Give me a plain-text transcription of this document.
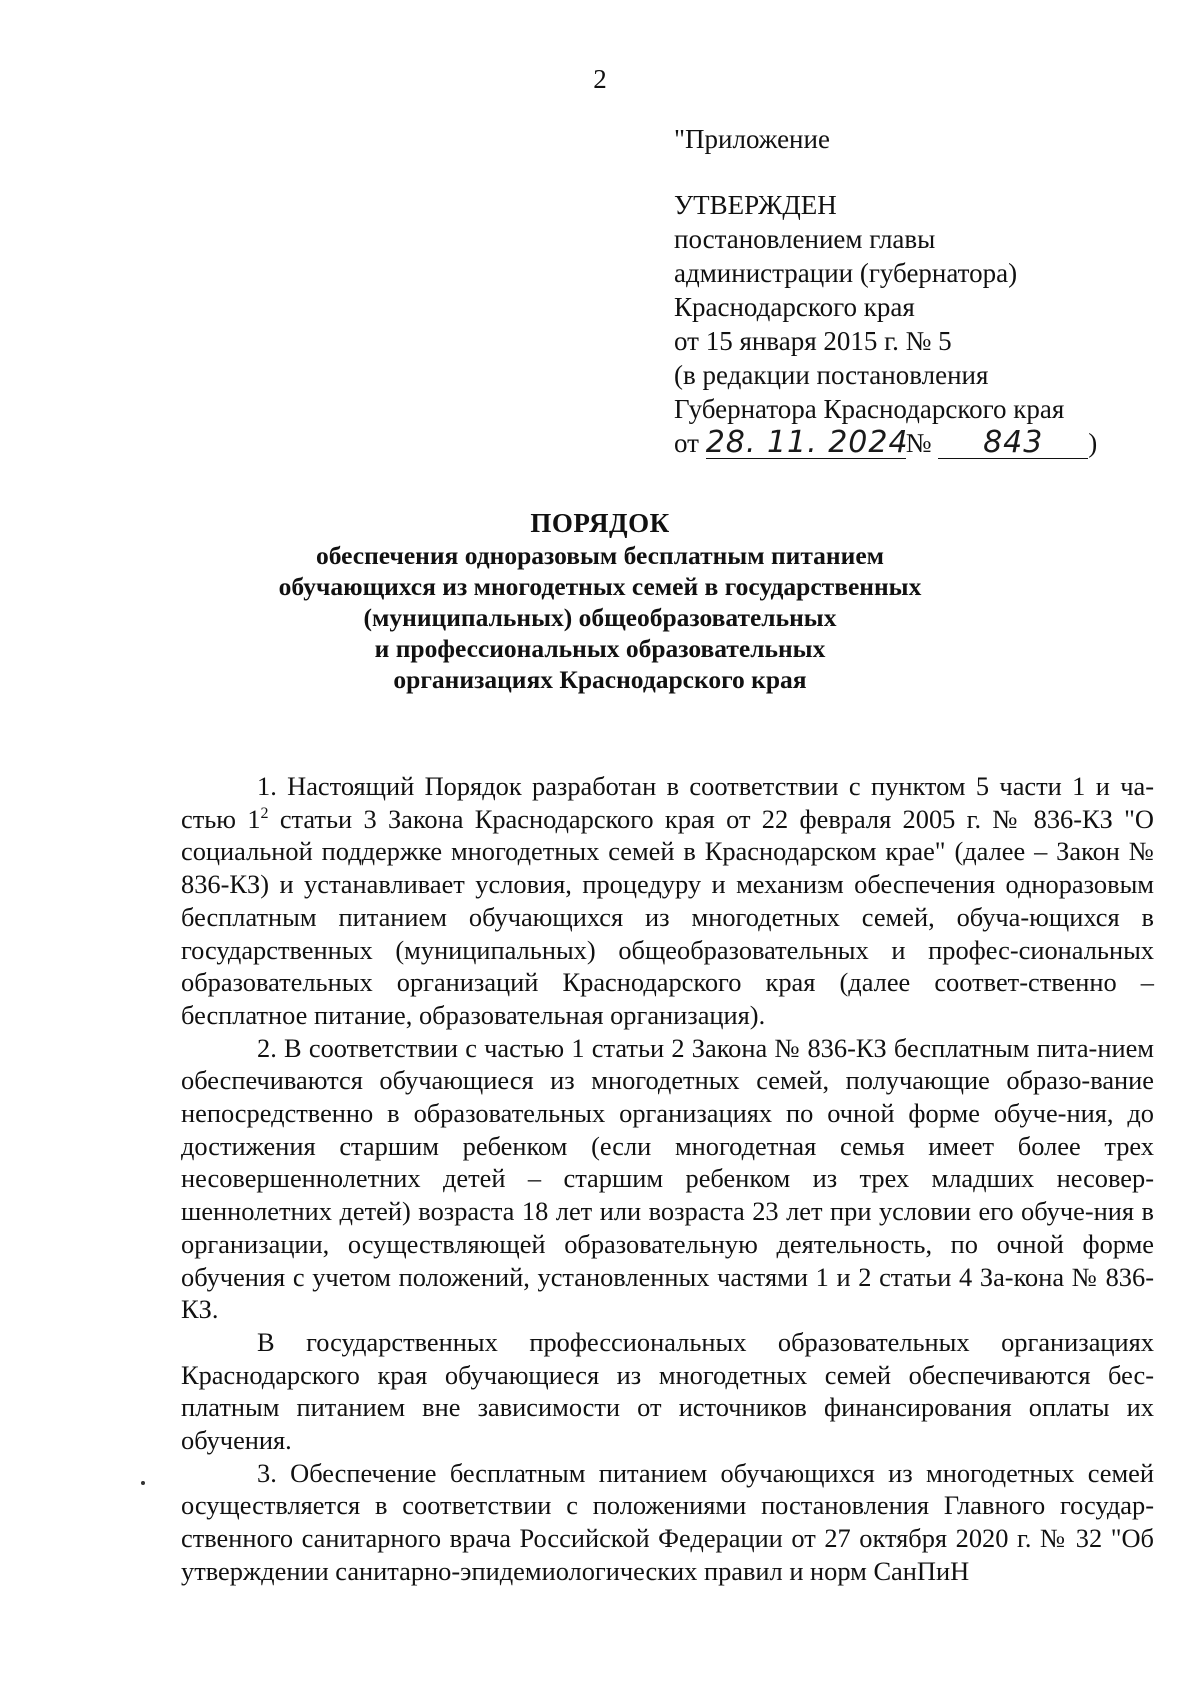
2
"Приложение
УТВЕРЖДЕН
постановлением главы
администрации (губернатора)
Краснодарского края
от 15 января 2015 г. № 5
(в редакции постановления
Губернатора Краснодарского края
от 28. 11. 2024№ 843 )
ПОРЯДОК
обеспечения одноразовым бесплатным питанием
обучающихся из многодетных семей в государственных
(муниципальных) общеобразовательных
и профессиональных образовательных
организациях Краснодарского края

1. Настоящий Порядок разработан в соответствии с пунктом 5 части 1 и ча-стью $1^2$ статьи 3 Закона Краснодарского края от 22 февраля 2005 г. № 836-КЗ "О социальной поддержке многодетных семей в Краснодарском крае" (далее – Закон № 836-КЗ) и устанавливает условия, процедуру и механизм обеспечения одноразовым бесплатным питанием обучающихся из многодетных семей, обуча-ющихся в государственных (муниципальных) общеобразовательных и профес-сиональных образовательных организаций Краснодарского края (далее соответ-ственно – бесплатное питание, образовательная организация).

2. В соответствии с частью 1 статьи 2 Закона № 836-КЗ бесплатным пита-нием обеспечиваются обучающиеся из многодетных семей, получающие образо-вание непосредственно в образовательных организациях по очной форме обуче-ния, до достижения старшим ребенком (если многодетная семья имеет более трех несовершеннолетних детей – старшим ребенком из трех младших несовер-шеннолетних детей) возраста 18 лет или возраста 23 лет при условии его обуче-ния в организации, осуществляющей образовательную деятельность, по очной форме обучения с учетом положений, установленных частями 1 и 2 статьи 4 За-кона № 836-КЗ.

В государственных профессиональных образовательных организациях Краснодарского края обучающиеся из многодетных семей обеспечиваются бес-платным питанием вне зависимости от источников финансирования оплаты их обучения.

3. Обеспечение бесплатным питанием обучающихся из многодетных семей осуществляется в соответствии с положениями постановления Главного государ-ственного санитарного врача Российской Федерации от 27 октября 2020 г. № 32 "Об утверждении санитарно-эпидемиологических правил и норм СанПиН
